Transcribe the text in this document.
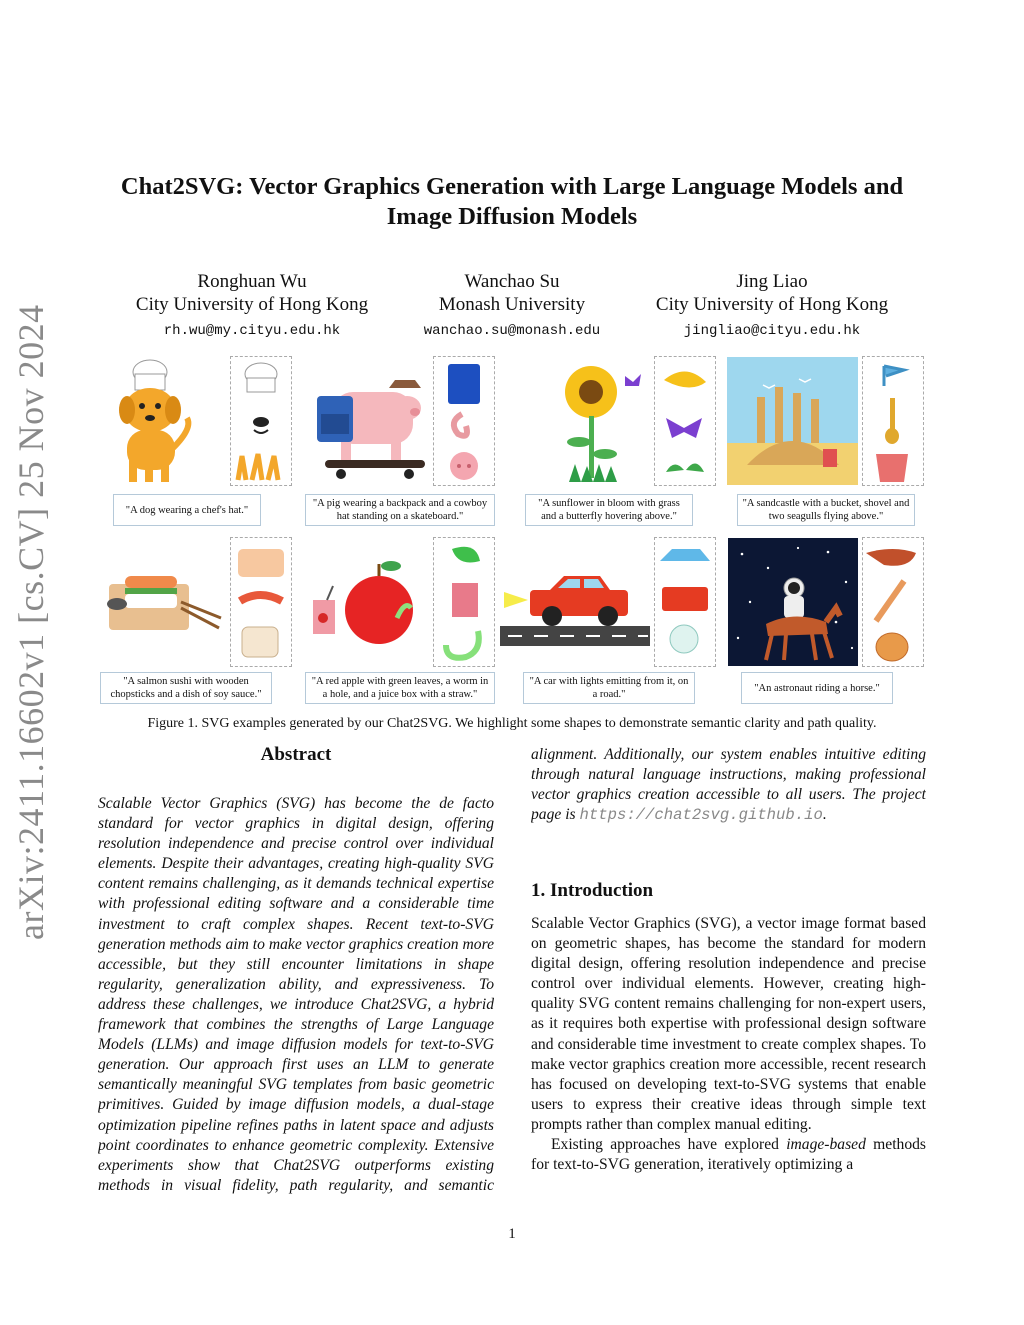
arXiv:2411.16602v1 [cs.CV] 25 Nov 2024
Chat2SVG: Vector Graphics Generation with Large Language Models and Image Diffusion Models
Ronghuan Wu
City University of Hong Kong
rh.wu@my.cityu.edu.hk
Wanchao Su
Monash University
wanchao.su@monash.edu
Jing Liao
City University of Hong Kong
jingliao@cityu.edu.hk
"A dog wearing a chef's hat."
"A pig wearing a backpack and a cowboy hat standing on a skateboard."
"A sunflower in bloom with grass and a butterfly hovering above."
"A sandcastle with a bucket, shovel and two seagulls flying above."
"A salmon sushi with wooden chopsticks and a dish of soy sauce."
"A red apple with green leaves, a worm in a hole, and a juice box with a straw."
"A car with lights emitting from it, on a road."
"An astronaut riding a horse."
Figure 1. SVG examples generated by our Chat2SVG. We highlight some shapes to demonstrate semantic clarity and path quality.
Abstract

Scalable Vector Graphics (SVG) has become the de facto standard for vector graphics in digital design, offering resolution independence and precise control over individual elements. Despite their advantages, creating high-quality SVG content remains challenging, as it demands technical expertise with professional editing software and a considerable time investment to craft complex shapes. Recent text-to-SVG generation methods aim to make vector graphics creation more accessible, but they still encounter limitations in shape regularity, generalization ability, and expressiveness. To address these challenges, we introduce Chat2SVG, a hybrid framework that combines the strengths of Large Language Models (LLMs) and image diffusion models for text-to-SVG generation. Our approach first uses an LLM to generate semantically meaningful SVG templates from basic geometric primitives. Guided by image diffusion models, a dual-stage optimization pipeline refines paths in latent space and adjusts point coordinates to enhance geometric complexity. Extensive experiments show that Chat2SVG outperforms existing methods in visual fidelity, path regularity, and semantic

alignment. Additionally, our system enables intuitive editing through natural language instructions, making professional vector graphics creation accessible to all users. The project page is https://chat2svg.github.io.

1. Introduction

Scalable Vector Graphics (SVG), a vector image format based on geometric shapes, has become the standard for modern digital design, offering resolution independence and precise control over individual elements. However, creating high-quality SVG content remains challenging for non-expert users, as it requires both expertise with professional design software and considerable time investment to create complex shapes. To make vector graphics creation more accessible, recent research has focused on developing text-to-SVG systems that enable users to express their creative ideas through simple text prompts rather than complex manual editing.

Existing approaches have explored image-based methods for text-to-SVG generation, iteratively optimizing a

1
